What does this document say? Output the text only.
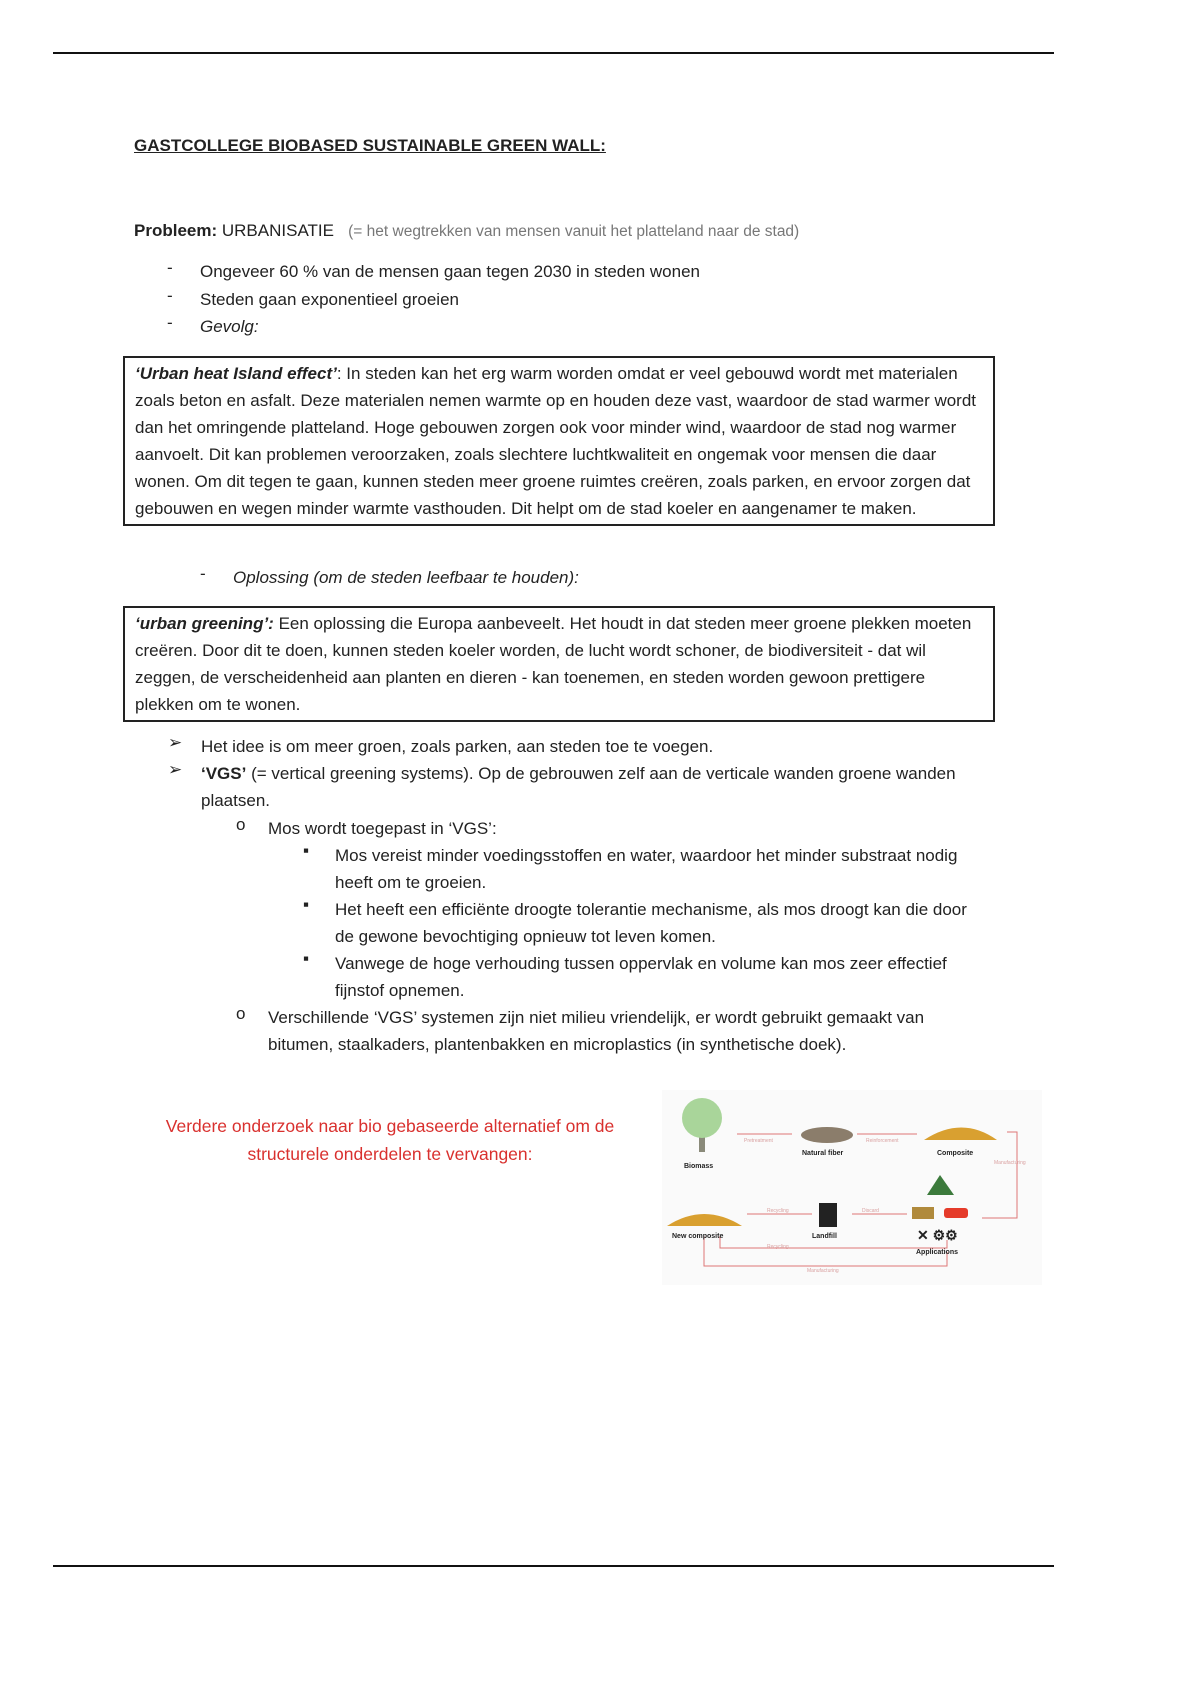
GASTCOLLEGE BIOBASED SUSTAINABLE GREEN WALL:
Probleem: URBANISATIE (= het wegtrekken van mensen vanuit het platteland naar de stad)
- Ongeveer 60 % van de mensen gaan tegen 2030 in steden wonen
- Steden gaan exponentieel groeien
- Gevolg:
‘Urban heat Island effect’: In steden kan het erg warm worden omdat er veel gebouwd wordt met materialen zoals beton en asfalt. Deze materialen nemen warmte op en houden deze vast, waardoor de stad warmer wordt dan het omringende platteland. Hoge gebouwen zorgen ook voor minder wind, waardoor de stad nog warmer aanvoelt. Dit kan problemen veroorzaken, zoals slechtere luchtkwaliteit en ongemak voor mensen die daar wonen. Om dit tegen te gaan, kunnen steden meer groene ruimtes creëren, zoals parken, en ervoor zorgen dat gebouwen en wegen minder warmte vasthouden. Dit helpt om de stad koeler en aangenamer te maken.
- Oplossing (om de steden leefbaar te houden):
‘urban greening’: Een oplossing die Europa aanbeveelt. Het houdt in dat steden meer groene plekken moeten creëren. Door dit te doen, kunnen steden koeler worden, de lucht wordt schoner, de biodiversiteit - dat wil zeggen, de verscheidenheid aan planten en dieren - kan toenemen, en steden worden gewoon prettigere plekken om te wonen.
➢ Het idee is om meer groen, zoals parken, aan steden toe te voegen.
➢ ‘VGS’ (= vertical greening systems). Op de gebrouwen zelf aan de verticale wanden groene wanden plaatsen.
o Mos wordt toegepast in ‘VGS’:
▪ Mos vereist minder voedingsstoffen en water, waardoor het minder substraat nodig heeft om te groeien.
▪ Het heeft een efficiënte droogte tolerantie mechanisme, als mos droogt kan die door de gewone bevochtiging opnieuw tot leven komen.
▪ Vanwege de hoge verhouding tussen oppervlak en volume kan mos zeer effectief fijnstof opnemen.
o Verschillende ‘VGS’ systemen zijn niet milieu vriendelijk, er wordt gebruikt gemaakt van bitumen, staalkaders, plantenbakken en microplastics (in synthetische doek).
Verdere onderzoek naar bio gebaseerde alternatief om de structurele onderdelen te vervangen:
✕ ⚙⚙
Biomass
Natural fiber	Composite
Applications
Landfill
New composite
Pretreatment	Reinforcement
Manufacturing
Discard
Recycling
Recycling
Manufacturing
